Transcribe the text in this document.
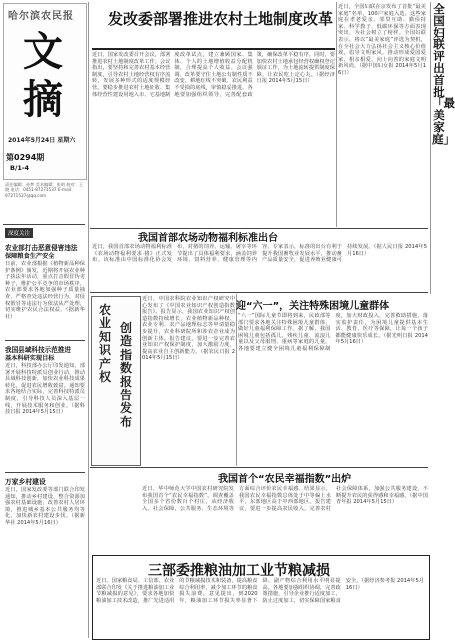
哈尔滨农民报
文
摘
2014年5月24日 星期六
第0294期
B/1-4
责任编辑：孙梦 美术编辑：张明 校对：王晓 电话：0451-87271537 E-mail：97271537@qq.com
深度关注
农业部打击恶意侵害违法
保障粮食生产安全
日前，农业部根据《植物新品种保护条例》颁发，近期将开展农业种子执法年活动，重点打击假冒伪劣种子，维护公平竞争的市场秩序。农业部要求各地加强种子质量抽查，严格查处违法经营行为，对侵权假冒等违法行为依法从严处理，切实维护农民合法权益。（据新华社）
我国县域科技示范推进
基本科研实现目标
近日，科技部办公厅印发通知，部署开展科技特派员创业行动，推动县域科技创新，加快农业科技成果转化，促进农民增收致富。通知要求各地结合实际，完善科技特派员制度，引导科技人员深入基层一线，开展技术服务和创业。（据科技日报 2014年5月15日）
万家乡村建设
近日，国家发改委等部门联合印发通知，推动乡村建设，整合资源加强农村基础设施，改善农村人居环境，推进城乡基本公共服务均等化，加快新农村建设步伐。（据新华社 2014年5月16日）
全国妇联评出首批「最美家庭」
发改委部署推进农村土地制度改革
近日，国家发改委召开会议，部署推进农村土地制度改革工作。会议指出，要坚持和完善农村基本经营制度，引导农村土地经营权有序流转，发展多种形式的适度规模经营。要稳步推进农村土地征收、集体经营性建设用地入市、宅基地制度改革试点，建立兼顾国家、集体、个人的土地增值收益分配机制，合理提高个人收益。会议强调，改革要守住土地公有制性质不改变、耕地红线不突破、农民利益不受损的底线，审慎稳妥推进。各地要加强组织领导，完善配套政策，确保改革平稳有序。同时，要加快农村土地承包经营权确权登记颁证工作，为土地流转提供制度保障，让农民吃上定心丸。（据经济日报 2014年5月15日）
近日，全国妇联在京发布了首批“最美家庭”名单，100户家庭入选。这些家庭在孝老爱亲、邻里互助、勤俭持家、科学教子、低碳环保等方面表现突出，为社会树立了榜样。全国妇联表示，将以“最美家庭”评选为契机，在全社会大力弘扬社会主义核心价值观，倡导文明家风，推动形成爱国爱家、相亲相爱、向上向善的家庭文明新风尚。（据中国妇女报 2014年5月16日）
我国首部农场动物福利标准出台
近日，我国首部农场动物福利标准《农场动物福利要求·猪》正式发布。该标准由中国标准化协会发布，对猪的饲养、运输、屠宰等环节提出了具体福利要求，涵盖饲养环境、饲料营养、健康管理等内容。专家表示，标准的出台有利于提升我国畜牧业发展水平，推动畜产品质量安全，促进养殖业健康可持续发展。（据人民日报 2014年5月16日）
农业知识产权
创造指数报告发布
近日，中国农科院农业知识产权研究中心发布了《中国农业知识产权创造指数报告》。报告显示，我国农业知识产权创造指数持续增长，农业植物新品种权、农业专利、农产品地理标志等申请量稳步提升，农业科研院所和涉农企业成为创新主体。报告建议，要进一步完善农业知识产权保护制度，加大激励力度，提高农业自主创新能力。（据农民日报 2014年5月15日）
迎“六一”，关注特殊困境儿童群体
“六一”国际儿童节即将到来，民政部等部门要求各地关注特殊困境儿童群体，做好儿童福利保障工作。据了解，我国困境儿童包括孤儿、残疾儿童、流浪儿童以及父母服刑、重病等家庭的儿童。各地要建立健全困境儿童福利保障制度，加大财政投入，完善救助措施，落实监护责任，为困境儿童提供基本生活、教育、医疗等保障，让每一个孩子都能健康快乐成长。（据光明日报 2014年5月16日）
我国首个“农民幸福指数”出炉
近日，华中师范大学中国农村研究院发布我国首个“农民幸福指数”。调查覆盖全国多个省份数百个村庄，从经济收入、社会保障、公共服务、生态环境等方面综合评价农民幸福感。结果显示，我国农民幸福指数总体处于中等偏上水平，东部地区高于中西部地区。报告建议，要进一步提高农民收入，完善农村社会保障体系，加强公共服务建设，不断提升农民的获得感和幸福感。（据中国青年报 2014年5月15日）
三部委推粮油加工业节粮减损
近日，国家粮食局、工信部、农业部联合印发《关于推进粮油加工业节粮减损的意见》，要求各地加快粮油加工技术改造，推广先进适用的节粮减损技术和装备，提高粮食综合利用率，减少加工环节的粮食损失浪费。意见提出，到2020年，粮油加工环节损失率显著下降，副产物综合利用水平明显提高。各地要加强组织协调，完善政策措施，引导企业推行适度加工，防止过度加工，切实保障国家粮食安全。（据经济参考报 2014年5月16日）
